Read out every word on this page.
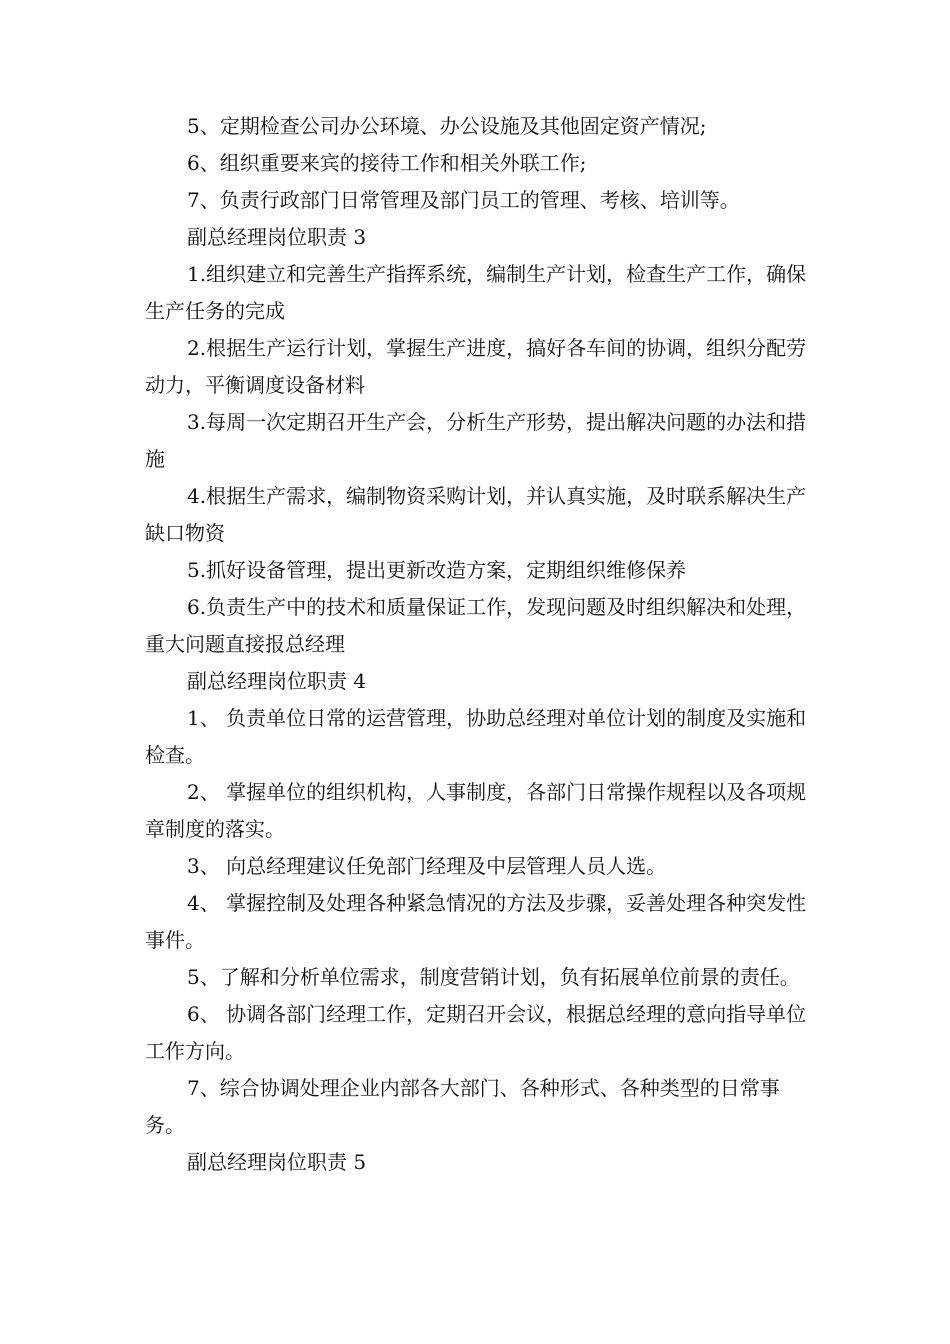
5、定期检查公司办公环境、办公设施及其他固定资产情况;

6、组织重要来宾的接待工作和相关外联工作;

7、负责行政部门日常管理及部门员工的管理、考核、培训等。

副总经理岗位职责 3

1.组织建立和完善生产指挥系统，编制生产计划，检查生产工作，确保生产任务的完成

2.根据生产运行计划，掌握生产进度，搞好各车间的协调，组织分配劳动力，平衡调度设备材料

3.每周一次定期召开生产会，分析生产形势，提出解决问题的办法和措施

4.根据生产需求，编制物资采购计划，并认真实施，及时联系解决生产缺口物资

5.抓好设备管理，提出更新改造方案，定期组织维修保养

6.负责生产中的技术和质量保证工作，发现问题及时组织解决和处理，重大问题直接报总经理

副总经理岗位职责 4

1、 负责单位日常的运营管理，协助总经理对单位计划的制度及实施和检查。

2、 掌握单位的组织机构，人事制度，各部门日常操作规程以及各项规章制度的落实。

3、 向总经理建议任免部门经理及中层管理人员人选。

4、 掌握控制及处理各种紧急情况的方法及步骤，妥善处理各种突发性事件。

5、了解和分析单位需求，制度营销计划，负有拓展单位前景的责任。

6、 协调各部门经理工作，定期召开会议，根据总经理的意向指导单位工作方向。

7、综合协调处理企业内部各大部门、各种形式、各种类型的日常事务。

副总经理岗位职责 5
